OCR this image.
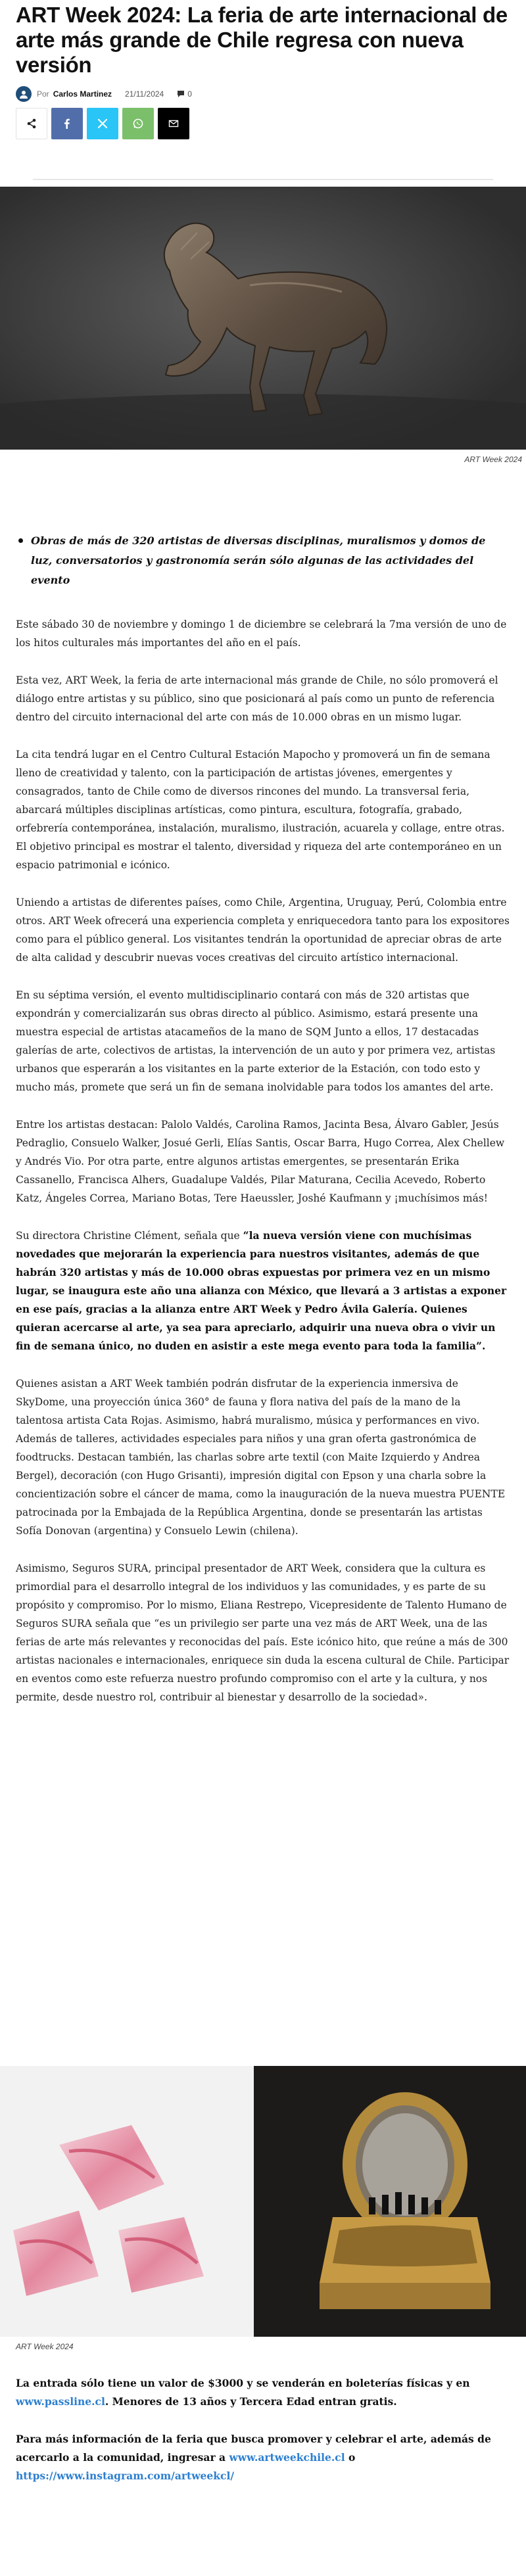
ART Week 2024: La feria de arte internacional de arte más grande de Chile regresa con nueva versión
Por Carlos Martinez 21/11/2024	0
ART Week 2024

Obras de más de 320 artistas de diversas disciplinas, muralismos y domos de luz, conversatorios y gastronomía serán sólo algunas de las actividades del evento

Este sábado 30 de noviembre y domingo 1 de diciembre se celebrará la 7ma versión de uno de los hitos culturales más importantes del año en el país.

Esta vez, ART Week, la feria de arte internacional más grande de Chile, no sólo promoverá el diálogo entre artistas y su público, sino que posicionará al país como un punto de referencia dentro del circuito internacional del arte con más de 10.000 obras en un mismo lugar.

La cita tendrá lugar en el Centro Cultural Estación Mapocho y promoverá un fin de semana lleno de creatividad y talento, con la participación de artistas jóvenes, emergentes y consagrados, tanto de Chile como de diversos rincones del mundo. La transversal feria, abarcará múltiples disciplinas artísticas, como pintura, escultura, fotografía, grabado, orfebrería contemporánea, instalación, muralismo, ilustración, acuarela y collage, entre otras. El objetivo principal es mostrar el talento, diversidad y riqueza del arte contemporáneo en un espacio patrimonial e icónico.

Uniendo a artistas de diferentes países, como Chile, Argentina, Uruguay, Perú, Colombia entre otros. ART Week ofrecerá una experiencia completa y enriquecedora tanto para los expositores como para el público general. Los visitantes tendrán la oportunidad de apreciar obras de arte de alta calidad y descubrir nuevas voces creativas del circuito artístico internacional.

En su séptima versión, el evento multidisciplinario contará con más de 320 artistas que expondrán y comercializarán sus obras directo al público. Asimismo, estará presente una muestra especial de artistas atacameños de la mano de SQM Junto a ellos, 17 destacadas galerías de arte, colectivos de artistas, la intervención de un auto y por primera vez, artistas urbanos que esperarán a los visitantes en la parte exterior de la Estación, con todo esto y mucho más, promete que será un fin de semana inolvidable para todos los amantes del arte.

Entre los artistas destacan: Palolo Valdés, Carolina Ramos, Jacinta Besa, Álvaro Gabler, Jesús Pedraglio, Consuelo Walker, Josué Gerli, Elías Santis, Oscar Barra, Hugo Correa, Alex Chellew y Andrés Vio. Por otra parte, entre algunos artistas emergentes, se presentarán Erika Cassanello, Francisca Alhers, Guadalupe Valdés, Pilar Maturana, Cecilia Acevedo, Roberto Katz, Ángeles Correa, Mariano Botas, Tere Haeussler, Joshé Kaufmann y ¡muchísimos más!

Su directora Christine Clément, señala que “la nueva versión viene con muchísimas novedades que mejorarán la experiencia para nuestros visitantes, además de que habrán 320 artistas y más de 10.000 obras expuestas por primera vez en un mismo lugar, se inaugura este año una alianza con México, que llevará a 3 artistas a exponer en ese país, gracias a la alianza entre ART Week y Pedro Ávila Galería. Quienes quieran acercarse al arte, ya sea para apreciarlo, adquirir una nueva obra o vivir un fin de semana único, no duden en asistir a este mega evento para toda la familia”.

Quienes asistan a ART Week también podrán disfrutar de la experiencia inmersiva de SkyDome, una proyección única 360° de fauna y flora nativa del país de la mano de la talentosa artista Cata Rojas. Asimismo, habrá muralismo, música y performances en vivo. Además de talleres, actividades especiales para niños y una gran oferta gastronómica de foodtrucks. Destacan también, las charlas sobre arte textil (con Maite Izquierdo y Andrea Bergel), decoración (con Hugo Grisanti), impresión digital con Epson y una charla sobre la concientización sobre el cáncer de mama, como la inauguración de la nueva muestra PUENTE patrocinada por la Embajada de la República Argentina, donde se presentarán las artistas Sofía Donovan (argentina) y Consuelo Lewin (chilena).

Asimismo, Seguros SURA, principal presentador de ART Week, considera que la cultura es primordial para el desarrollo integral de los individuos y las comunidades, y es parte de su propósito y compromiso. Por lo mismo, Eliana Restrepo, Vicepresidente de Talento Humano de Seguros SURA señala que “es un privilegio ser parte una vez más de ART Week, una de las ferias de arte más relevantes y reconocidas del país. Este icónico hito, que reúne a más de 300 artistas nacionales e internacionales, enriquece sin duda la escena cultural de Chile. Participar en eventos como este refuerza nuestro profundo compromiso con el arte y la cultura, y nos permite, desde nuestro rol, contribuir al bienestar y desarrollo de la sociedad».

ART Week 2024

La entrada sólo tiene un valor de $3000 y se venderán en boleterías físicas y en www.passline.cl. Menores de 13 años y Tercera Edad entran gratis.

Para más información de la feria que busca promover y celebrar el arte, además de acercarlo a la comunidad, ingresar a www.artweekchile.cl o https://www.instagram.com/artweekcl/
